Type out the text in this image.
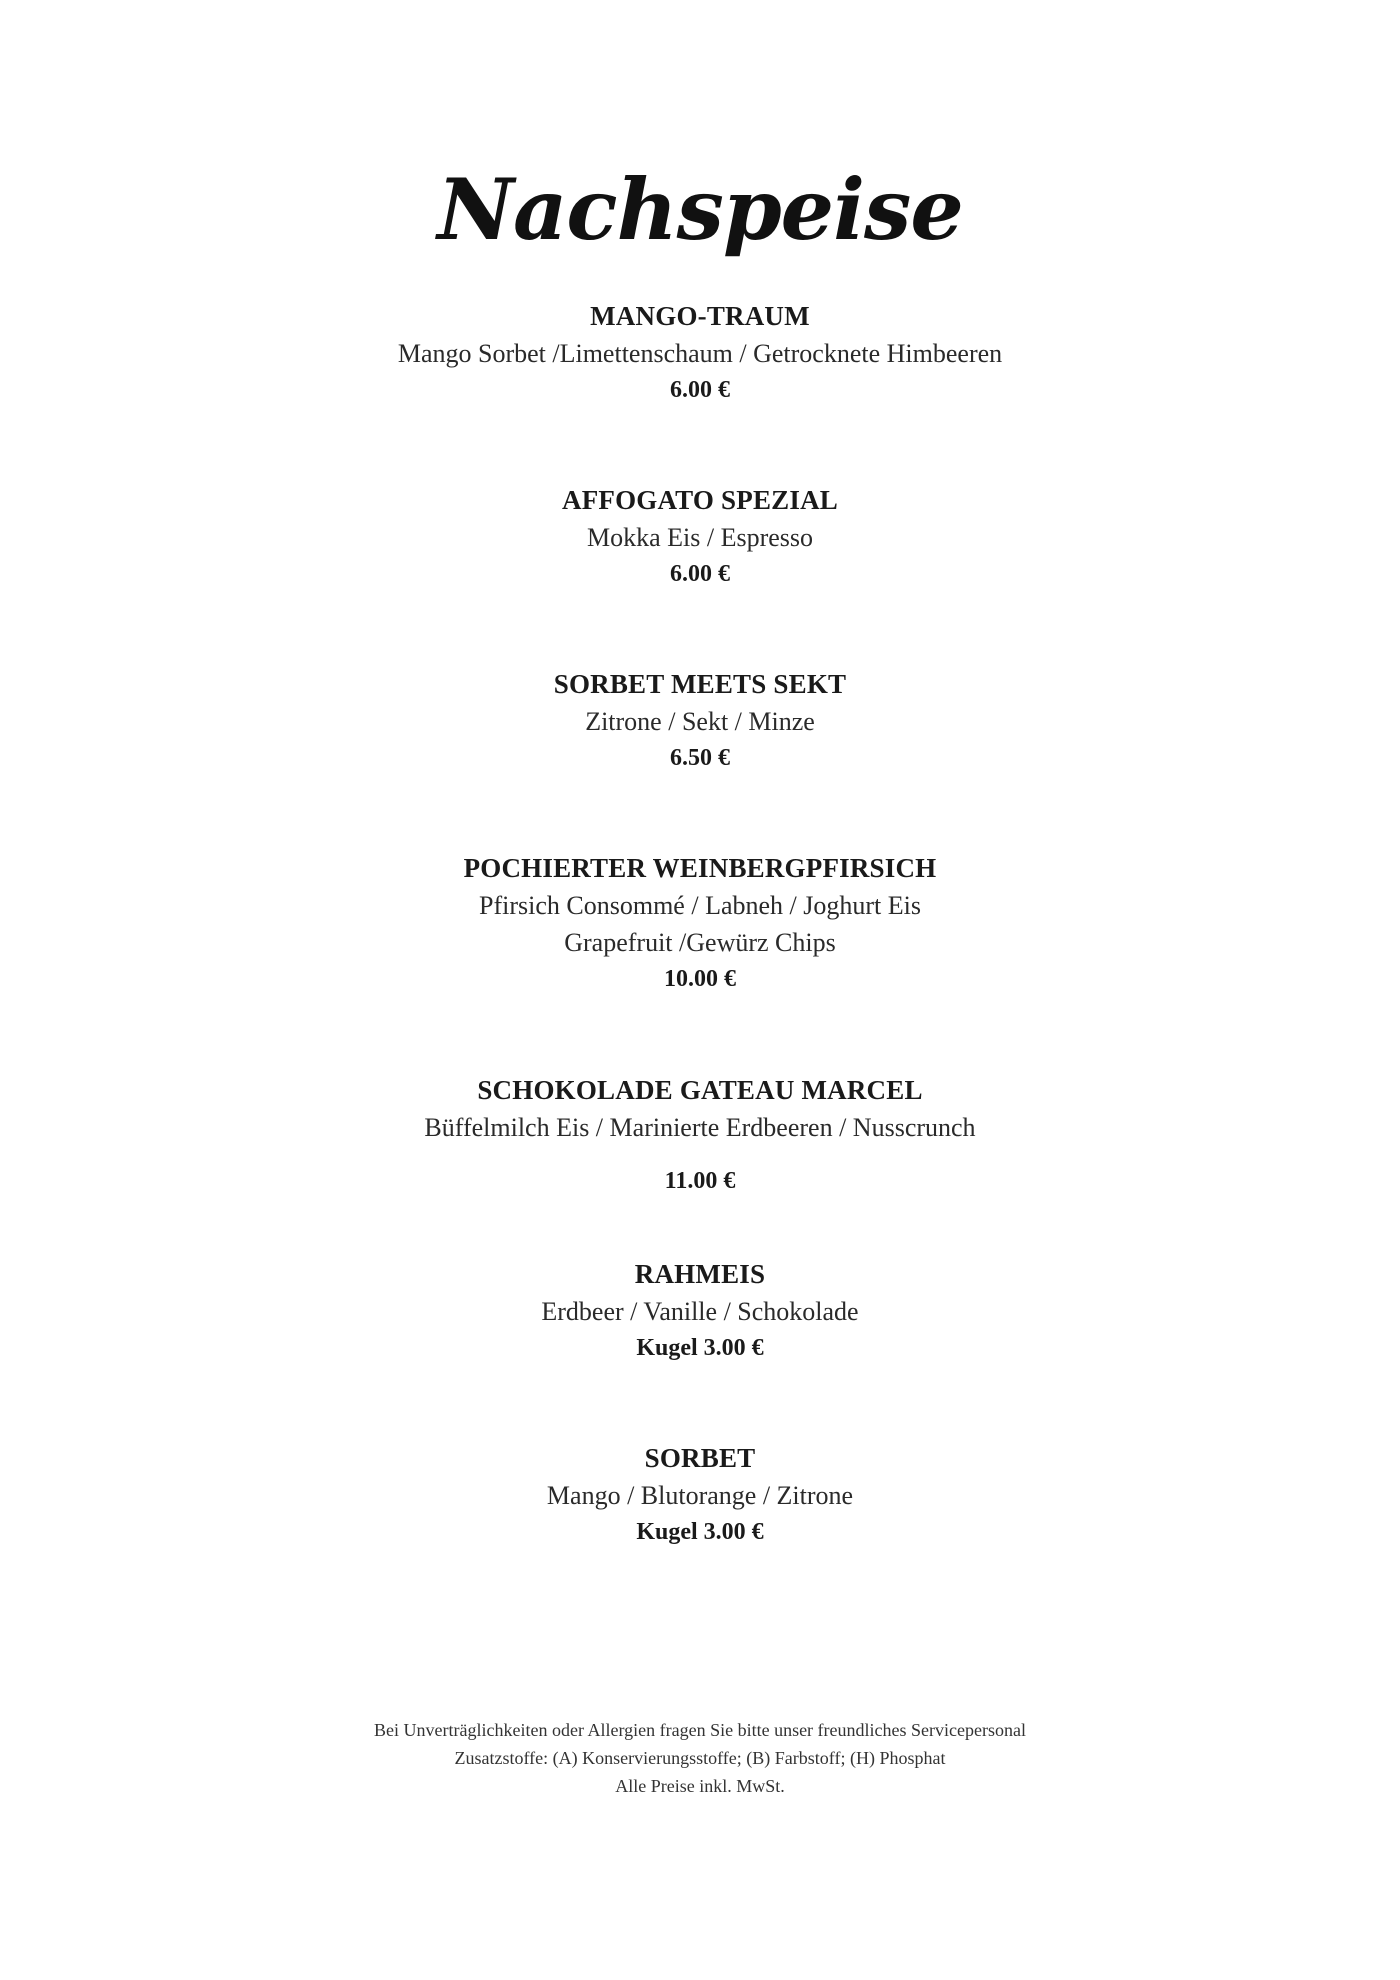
Nachspeise
MANGO-TRAUM
Mango Sorbet /Limettenschaum / Getrocknete Himbeeren
6.00 €
AFFOGATO SPEZIAL
Mokka Eis / Espresso
6.00 €
SORBET MEETS SEKT
Zitrone / Sekt / Minze
6.50 €
POCHIERTER WEINBERGPFIRSICH
Pfirsich Consommé / Labneh / Joghurt Eis
Grapefruit /Gewürz Chips
10.00 €
SCHOKOLADE GATEAU MARCEL
Büffelmilch Eis / Marinierte Erdbeeren / Nusscrunch
11.00 €
RAHMEIS
Erdbeer / Vanille / Schokolade
Kugel 3.00 €
SORBET
Mango / Blutorange / Zitrone
Kugel 3.00 €
Bei Unverträglichkeiten oder Allergien fragen Sie bitte unser freundliches Servicepersonal
Zusatzstoffe: (A) Konservierungsstoffe; (B) Farbstoff; (H) Phosphat
Alle Preise inkl. MwSt.
